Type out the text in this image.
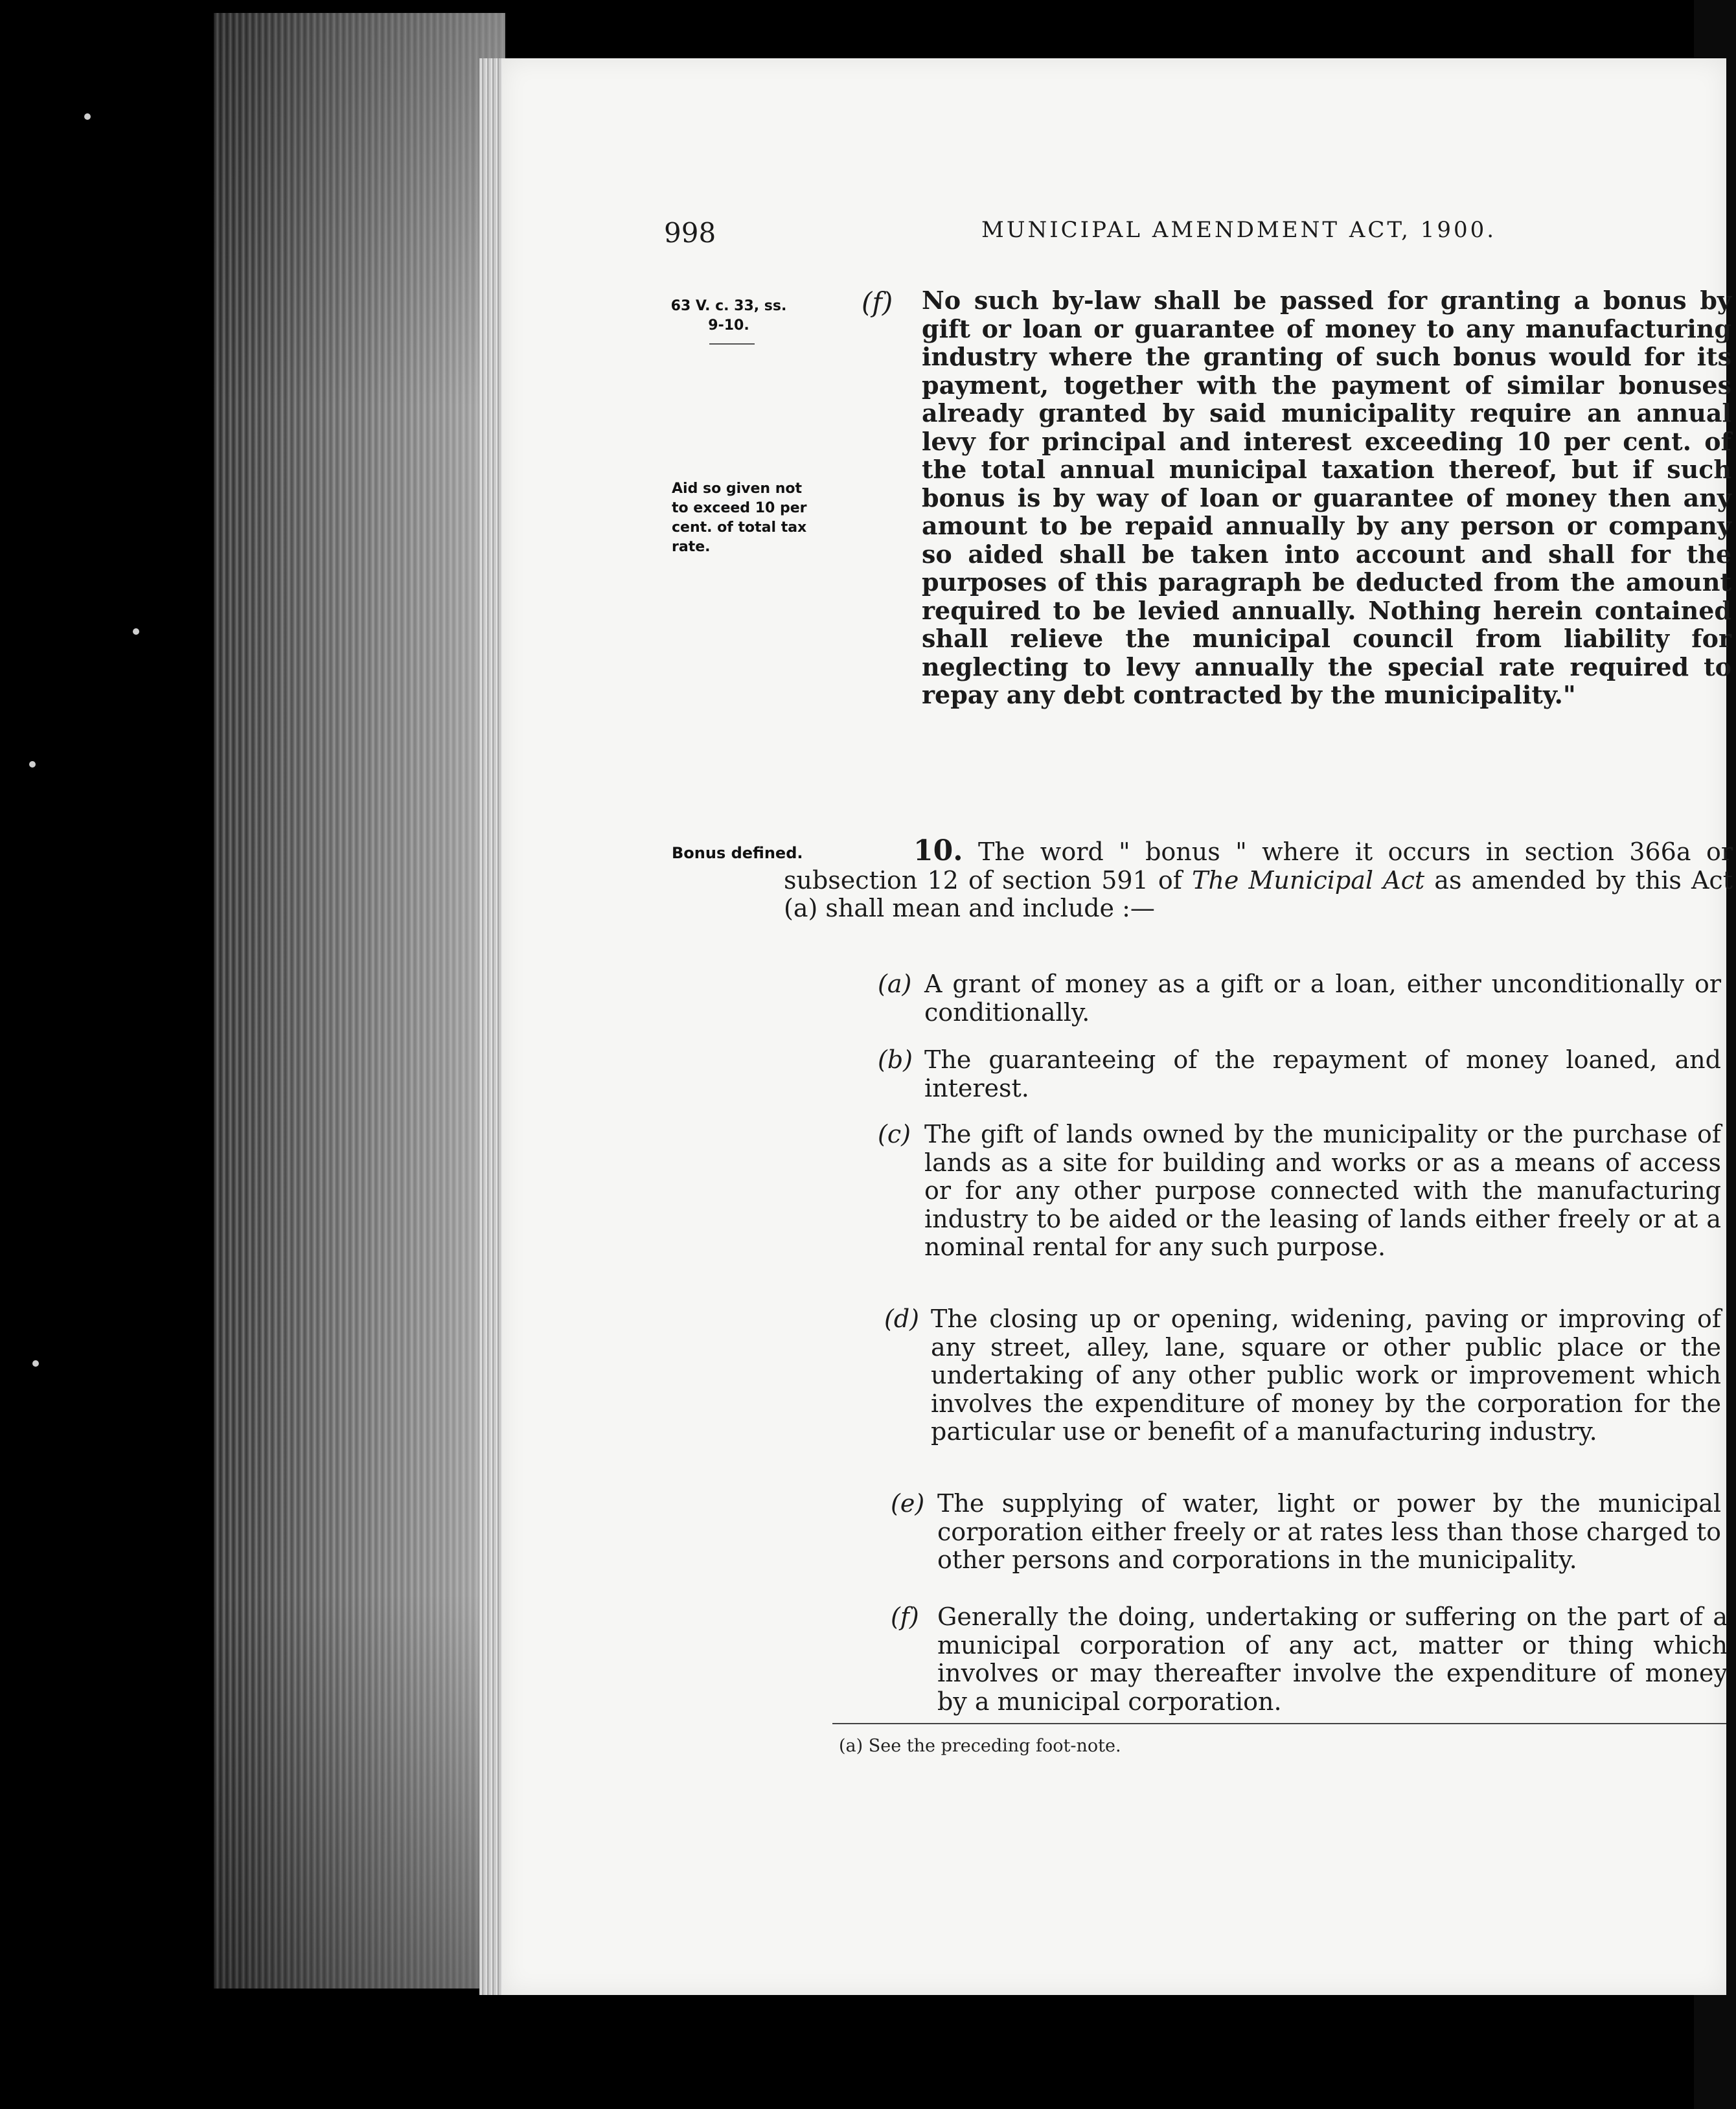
998	MUNICIPAL AMENDMENT ACT, 1900.
63 V. c. 33, ss.
9-10.
Aid so given not to exceed 10 per cent. of total tax rate.
Bonus defined.
(f) No such by-law shall be passed for granting a bonus by gift or loan or guarantee of money to any manufacturing industry where the granting of such bonus would for its payment, together with the payment of similar bonuses already granted by said municipality require an annual levy for principal and interest exceeding 10 per cent. of the total annual municipal taxation thereof, but if such bonus is by way of loan or guarantee of money then any amount to be repaid annually by any person or company so aided shall be taken into account and shall for the purposes of this paragraph be deducted from the amount required to be levied annually. Nothing herein contained shall relieve the municipal council from liability for neglecting to levy annually the special rate required to repay any debt contracted by the municipality."
10. The word " bonus " where it occurs in section 366a or subsection 12 of section 591 of The Municipal Act as amended by this Act (a) shall mean and include :—
(a) A grant of money as a gift or a loan, either unconditionally or conditionally.
(b) The guaranteeing of the repayment of money loaned, and interest.
(c) The gift of lands owned by the municipality or the purchase of lands as a site for building and works or as a means of access or for any other purpose connected with the manufacturing industry to be aided or the leasing of lands either freely or at a nominal rental for any such purpose.
(d) The closing up or opening, widening, paving or improving of any street, alley, lane, square or other public place or the undertaking of any other public work or improvement which involves the expenditure of money by the corporation for the particular use or benefit of a manufacturing industry.
(e) The supplying of water, light or power by the municipal corporation either freely or at rates less than those charged to other persons and corporations in the municipality.
(f) Generally the doing, undertaking or suffering on the part of a municipal corporation of any act, matter or thing which involves or may thereafter involve the expenditure of money by a municipal corporation.
(a) See the preceding foot-note.
